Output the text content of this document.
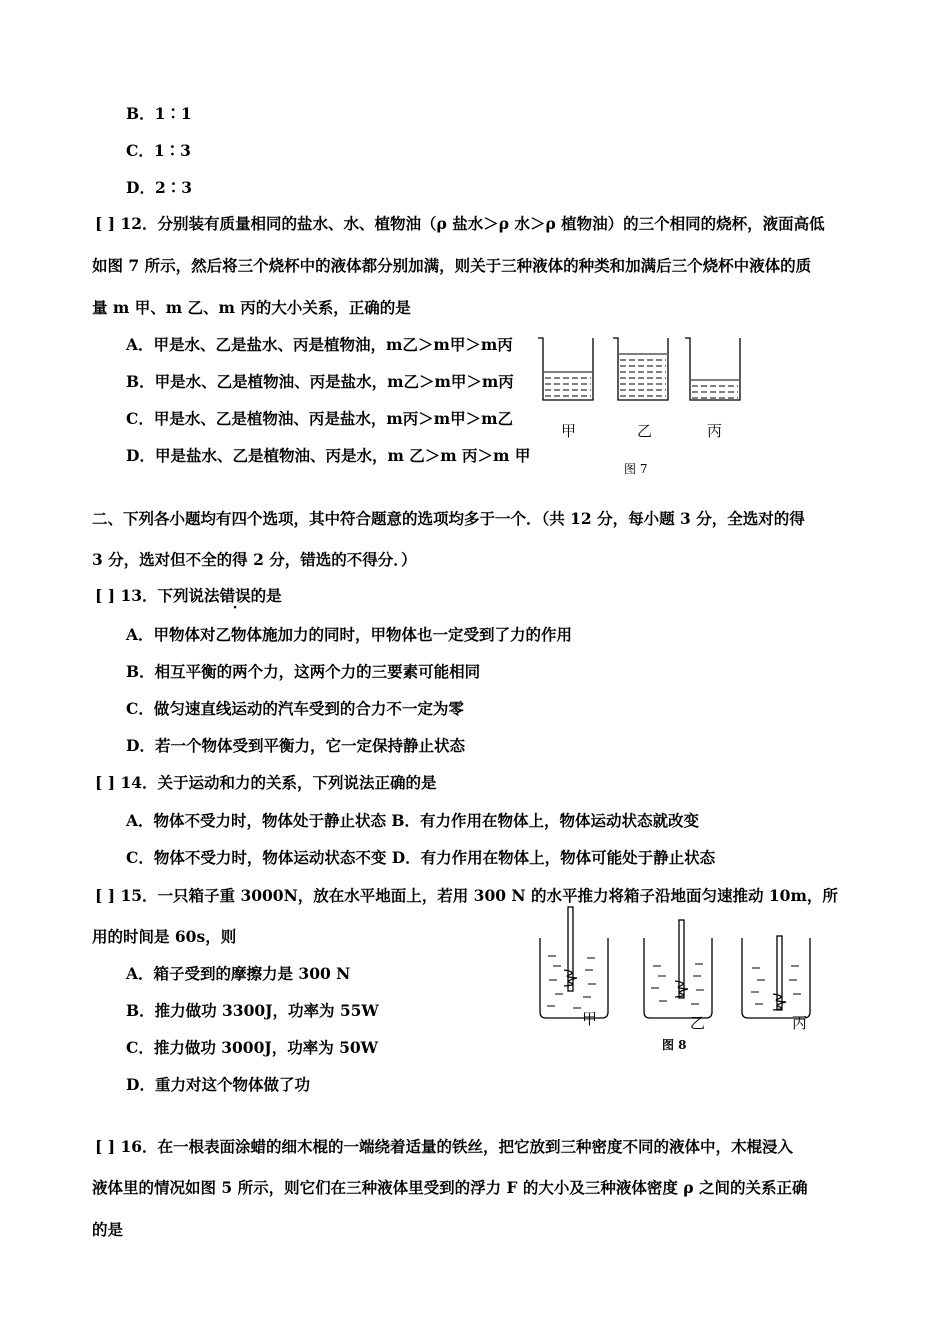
B．1∶1
C．1∶3
D．2∶3
[ ] 12．分别装有质量相同的盐水、水、植物油（ρ 盐水＞ρ 水＞ρ 植物油）的三个相同的烧杯，液面高低
如图 7 所示，然后将三个烧杯中的液体都分别加满，则关于三种液体的种类和加满后三个烧杯中液体的质
量 m 甲、m 乙、m 丙的大小关系，正确的是
A．甲是水、乙是盐水、丙是植物油，m乙＞m甲＞m丙
B．甲是水、乙是植物油、丙是盐水，m乙＞m甲＞m丙
C．甲是水、乙是植物油、丙是盐水，m丙＞m甲＞m乙
D．甲是盐水、乙是植物油、丙是水，m 乙＞m 丙＞m 甲
甲	乙	丙
图 7
二、下列各小题均有四个选项，其中符合题意的选项均多于一个．（共 12 分，每小题 3 分，全选对的得
3 分，选对但不全的得 2 分，错选的不得分．）
[ ] 13．下列说法错误的是
A．甲物体对乙物体施加力的同时，甲物体也一定受到了力的作用
B．相互平衡的两个力，这两个力的三要素可能相同
C．做匀速直线运动的汽车受到的合力不一定为零
D．若一个物体受到平衡力，它一定保持静止状态
[ ] 14．关于运动和力的关系，下列说法正确的是
A．物体不受力时，物体处于静止状态 B．有力作用在物体上，物体运动状态就改变
C．物体不受力时，物体运动状态不变 D．有力作用在物体上，物体可能处于静止状态
[ ] 15．一只箱子重 3000N，放在水平地面上，若用 300 N 的水平推力将箱子沿地面匀速推动 10m，所
用的时间是 60s，则
A．箱子受到的摩擦力是 300 N
B．推力做功 3300J，功率为 55W
C．推力做功 3000J，功率为 50W
D．重力对这个物体做了功
甲	乙	丙
图 8
[ ] 16．在一根表面涂蜡的细木棍的一端绕着适量的铁丝，把它放到三种密度不同的液体中，木棍浸入
液体里的情况如图 5 所示，则它们在三种液体里受到的浮力 F 的大小及三种液体密度 ρ 之间的关系正确
的是
